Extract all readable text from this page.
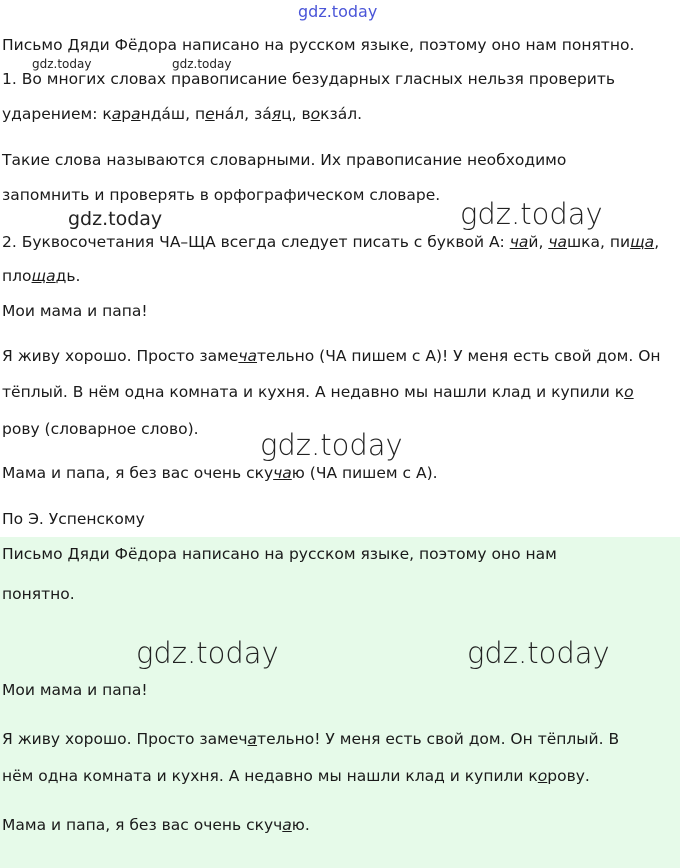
gdz.today
gdz.today	gdz.today
gdz.today	gdz.today
gdz.today
gdz.today	gdz.today

Письмо Дяди Фёдора написано на русском языке, поэтому оно нам понятно.

1. Во многих словах правописание безударных гласных нельзя проверить

ударением: каранда́ш, пена́л, за́яц, вокза́л.

Такие слова называются словарными. Их правописание необходимо

запомнить и проверять в орфографическом словаре.

2. Буквосочетания ЧА–ЩА всегда следует писать с буквой А: чай, чашка, пища,

площадь.

Мои мама и папа!

Я живу хорошо. Просто замечательно (ЧА пишем с А)! У меня есть свой дом. Он

тёплый. В нём одна комната и кухня. А недавно мы нашли клад и купили ко

рову (словарное слово).

Мама и папа, я без вас очень скучаю (ЧА пишем с А).

По Э. Успенскому

Письмо Дяди Фёдора написано на русском языке, поэтому оно нам

понятно.

Мои мама и папа!

Я живу хорошо. Просто замечательно! У меня есть свой дом. Он тёплый. В

нём одна комната и кухня. А недавно мы нашли клад и купили корову.

Мама и папа, я без вас очень скучаю.
